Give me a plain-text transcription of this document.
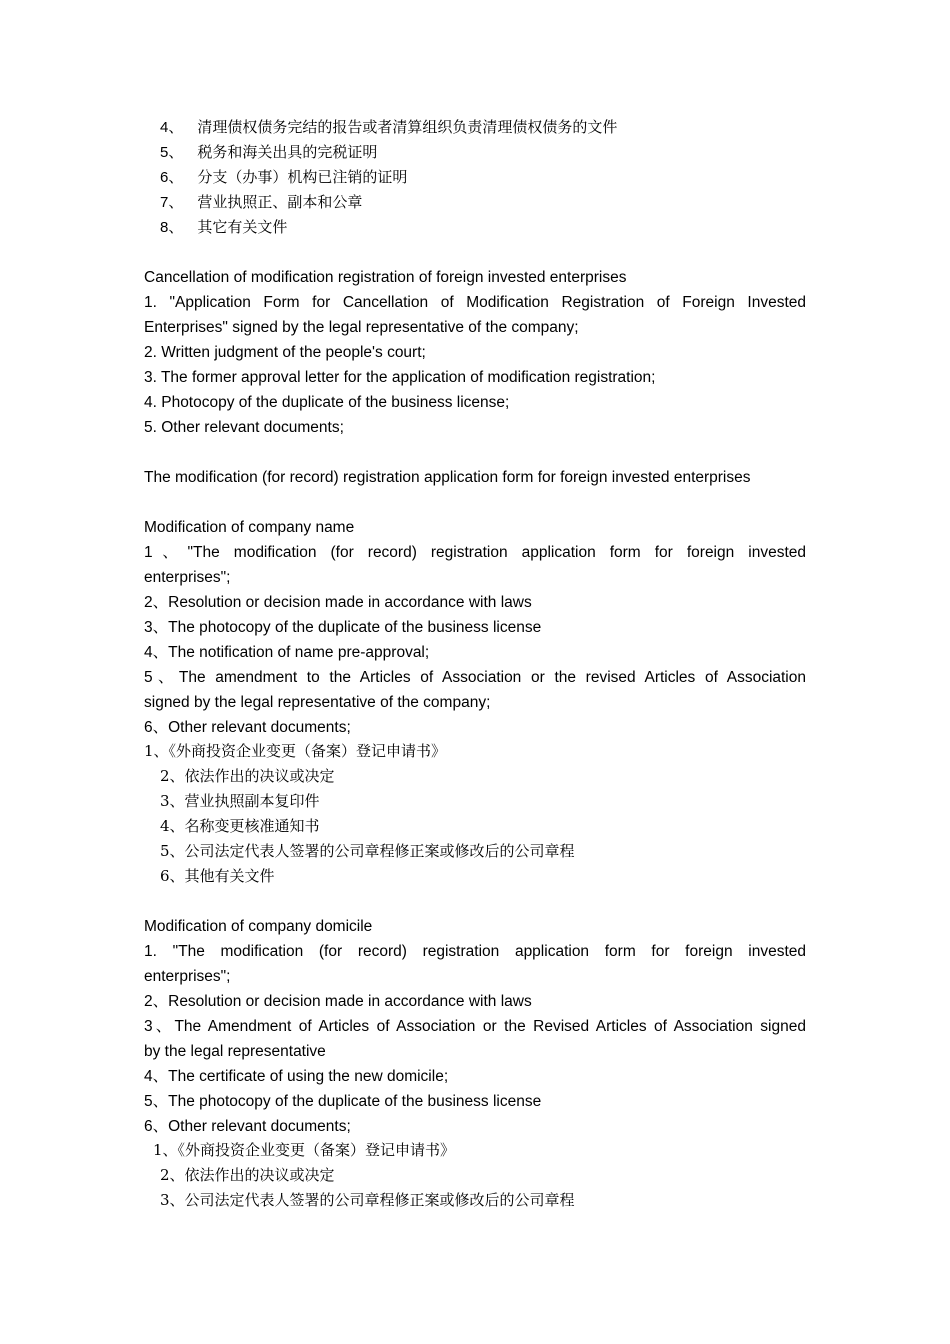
4、 清理债权债务完结的报告或者清算组织负责清理债权债务的文件
5、 税务和海关出具的完税证明
6、 分支（办事）机构已注销的证明
7、 营业执照正、副本和公章
8、 其它有关文件
Cancellation of modification registration of foreign invested enterprises
1. "Application Form for Cancellation of Modification Registration of Foreign Invested
Enterprises" signed by the legal representative of the company;
2. Written judgment of the people's court;
3. The former approval letter for the application of modification registration;
4. Photocopy of the duplicate of the business license;
5. Other relevant documents;
The modification (for record) registration application form for foreign invested enterprises
Modification of company name
1、"The modification (for record) registration application form for foreign invested
enterprises";
2、Resolution or decision made in accordance with laws
3、The photocopy of the duplicate of the business license
4、The notification of name pre-approval;
5、The amendment to the Articles of Association or the revised Articles of Association
signed by the legal representative of the company;
6、Other relevant documents;
1、《外商投资企业变更（备案）登记申请书》
2、依法作出的决议或决定
3、营业执照副本复印件
4、名称变更核准通知书
5、公司法定代表人签署的公司章程修正案或修改后的公司章程
6、其他有关文件
Modification of company domicile
1. "The modification (for record) registration application form for foreign invested
enterprises";
2、Resolution or decision made in accordance with laws
3、The Amendment of Articles of Association or the Revised Articles of Association signed
by the legal representative
4、The certificate of using the new domicile;
5、The photocopy of the duplicate of the business license
6、Other relevant documents;
1、《外商投资企业变更（备案）登记申请书》
2、依法作出的决议或决定
3、公司法定代表人签署的公司章程修正案或修改后的公司章程
